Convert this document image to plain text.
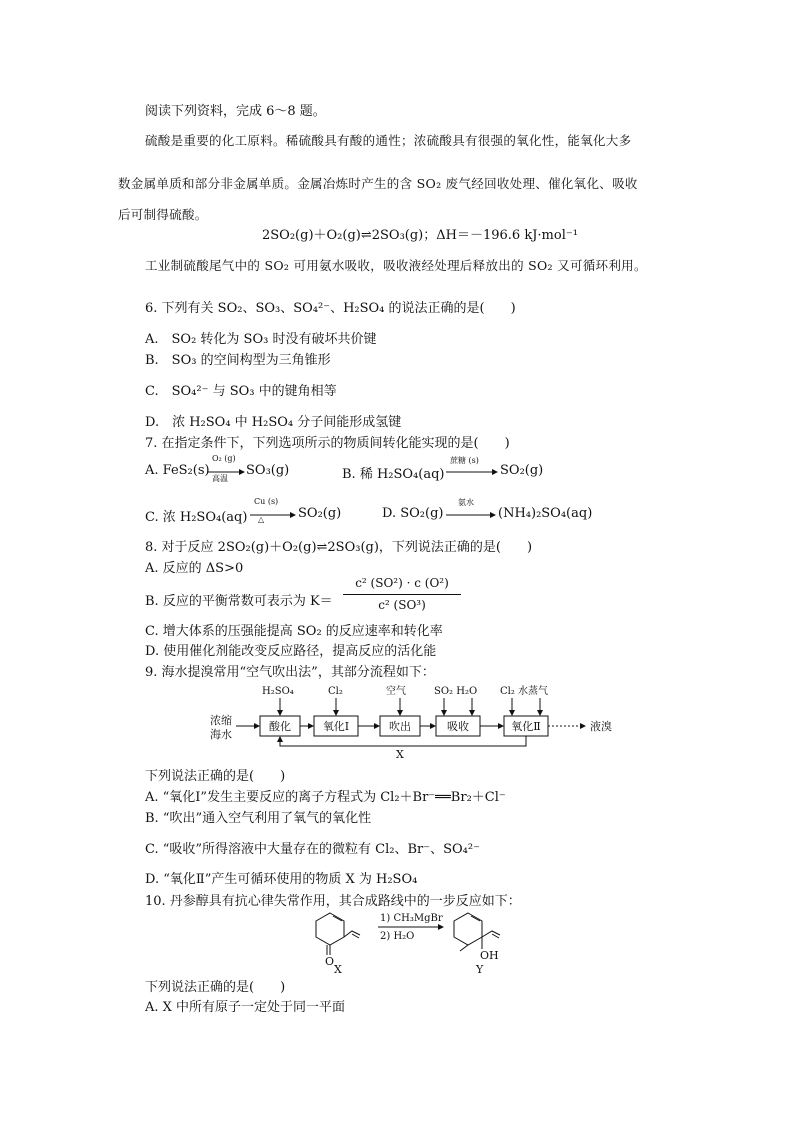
阅读下列资料，完成 6～8 题。
硫酸是重要的化工原料。稀硫酸具有酸的通性；浓硫酸具有很强的氧化性，能氧化大多
数金属单质和部分非金属单质。金属冶炼时产生的含 SO₂ 废气经回收处理、催化氧化、吸收
后可制得硫酸。
2SO₂(g)＋O₂(g)⇌2SO₃(g)；ΔH＝－196.6 kJ·mol⁻¹
工业制硫酸尾气中的 SO₂ 可用氨水吸收，吸收液经处理后释放出的 SO₂ 又可循环利用。
6. 下列有关 SO₂、SO₃、SO₄²⁻、H₂SO₄ 的说法正确的是(　　)
A.　SO₂ 转化为 SO₃ 时没有破坏共价键
B.　SO₃ 的空间构型为三角锥形
C.　SO₄²⁻ 与 SO₃ 中的键角相等
D.　浓 H₂SO₄ 中 H₂SO₄ 分子间能形成氢键
7. 在指定条件下，下列选项所示的物质间转化能实现的是(　　)
A. FeS₂(s)
O₂ (g)
高温
SO₃(g)	B. 稀 H₂SO₄(aq)
蔗糖 (s)
SO₂(g)
C. 浓 H₂SO₄(aq)
Cu (s)
△	SO₂(g)	D. SO₂(g)
氨水
(NH₄)₂SO₄(aq)
8. 对于反应 2SO₂(g)＋O₂(g)⇌2SO₃(g)，下列说法正确的是(　　)
A. 反应的 ΔS>0
B. 反应的平衡常数可表示为 K＝
c² (SO²) · c (O²)
c² (SO³)
C. 增大体系的压强能提高 SO₂ 的反应速率和转化率
D. 使用催化剂能改变反应路径，提高反应的活化能
9. 海水提溴常用“空气吹出法”，其部分流程如下：
浓缩
海水
酸化	氧化Ⅰ	吹出	吸收	氧化Ⅱ	液溴
H₂SO₄	Cl₂	空气	SO₂ H₂O Cl₂ 水蒸气
X
下列说法正确的是(　　)
A. “氧化Ⅰ”发生主要反应的离子方程式为 Cl₂＋Br⁻══Br₂＋Cl⁻
B. “吹出”通入空气利用了氧气的氧化性
C. “吸收”所得溶液中大量存在的微粒有 Cl₂、Br⁻、SO₄²⁻
D. “氧化Ⅱ”产生可循环使用的物质 X 为 H₂SO₄
10. 丹参醇具有抗心律失常作用，其合成路线中的一步反应如下：
O
X
1) CH₃MgBr
2) H₂O
OH
Y
下列说法正确的是(　　)
A. X 中所有原子一定处于同一平面
